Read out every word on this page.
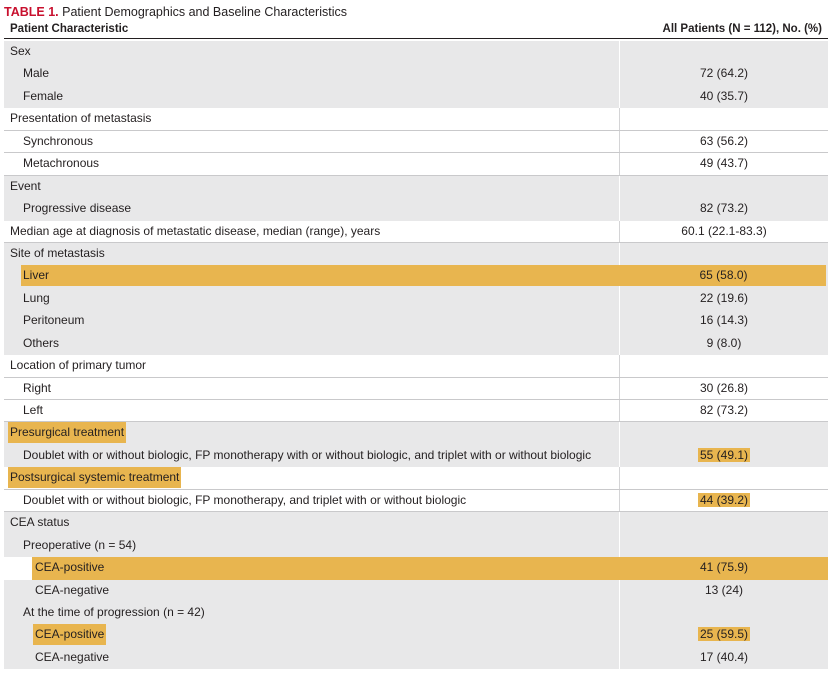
TABLE 1. Patient Demographics and Baseline Characteristics
Patient Characteristic	All Patients (N = 112), No. (%)
Sex
Male	72 (64.2)
Female	40 (35.7)
Presentation of metastasis
Synchronous	63 (56.2)
Metachronous	49 (43.7)
Event
Progressive disease	82 (73.2)
Median age at diagnosis of metastatic disease, median (range), years	60.1 (22.1-83.3)
Site of metastasis
Liver	65 (58.0)
Lung	22 (19.6)
Peritoneum	16 (14.3)
Others	9 (8.0)
Location of primary tumor
Right	30 (26.8)
Left	82 (73.2)
Presurgical treatment
Doublet with or without biologic, FP monotherapy with or without biologic, and triplet with or without biologic	55 (49.1)
Postsurgical systemic treatment
Doublet with or without biologic, FP monotherapy, and triplet with or without biologic	44 (39.2)
CEA status
Preoperative (n = 54)
CEA-positive	41 (75.9)
CEA-negative	13 (24)
At the time of progression (n = 42)
CEA-positive	25 (59.5)
CEA-negative	17 (40.4)
